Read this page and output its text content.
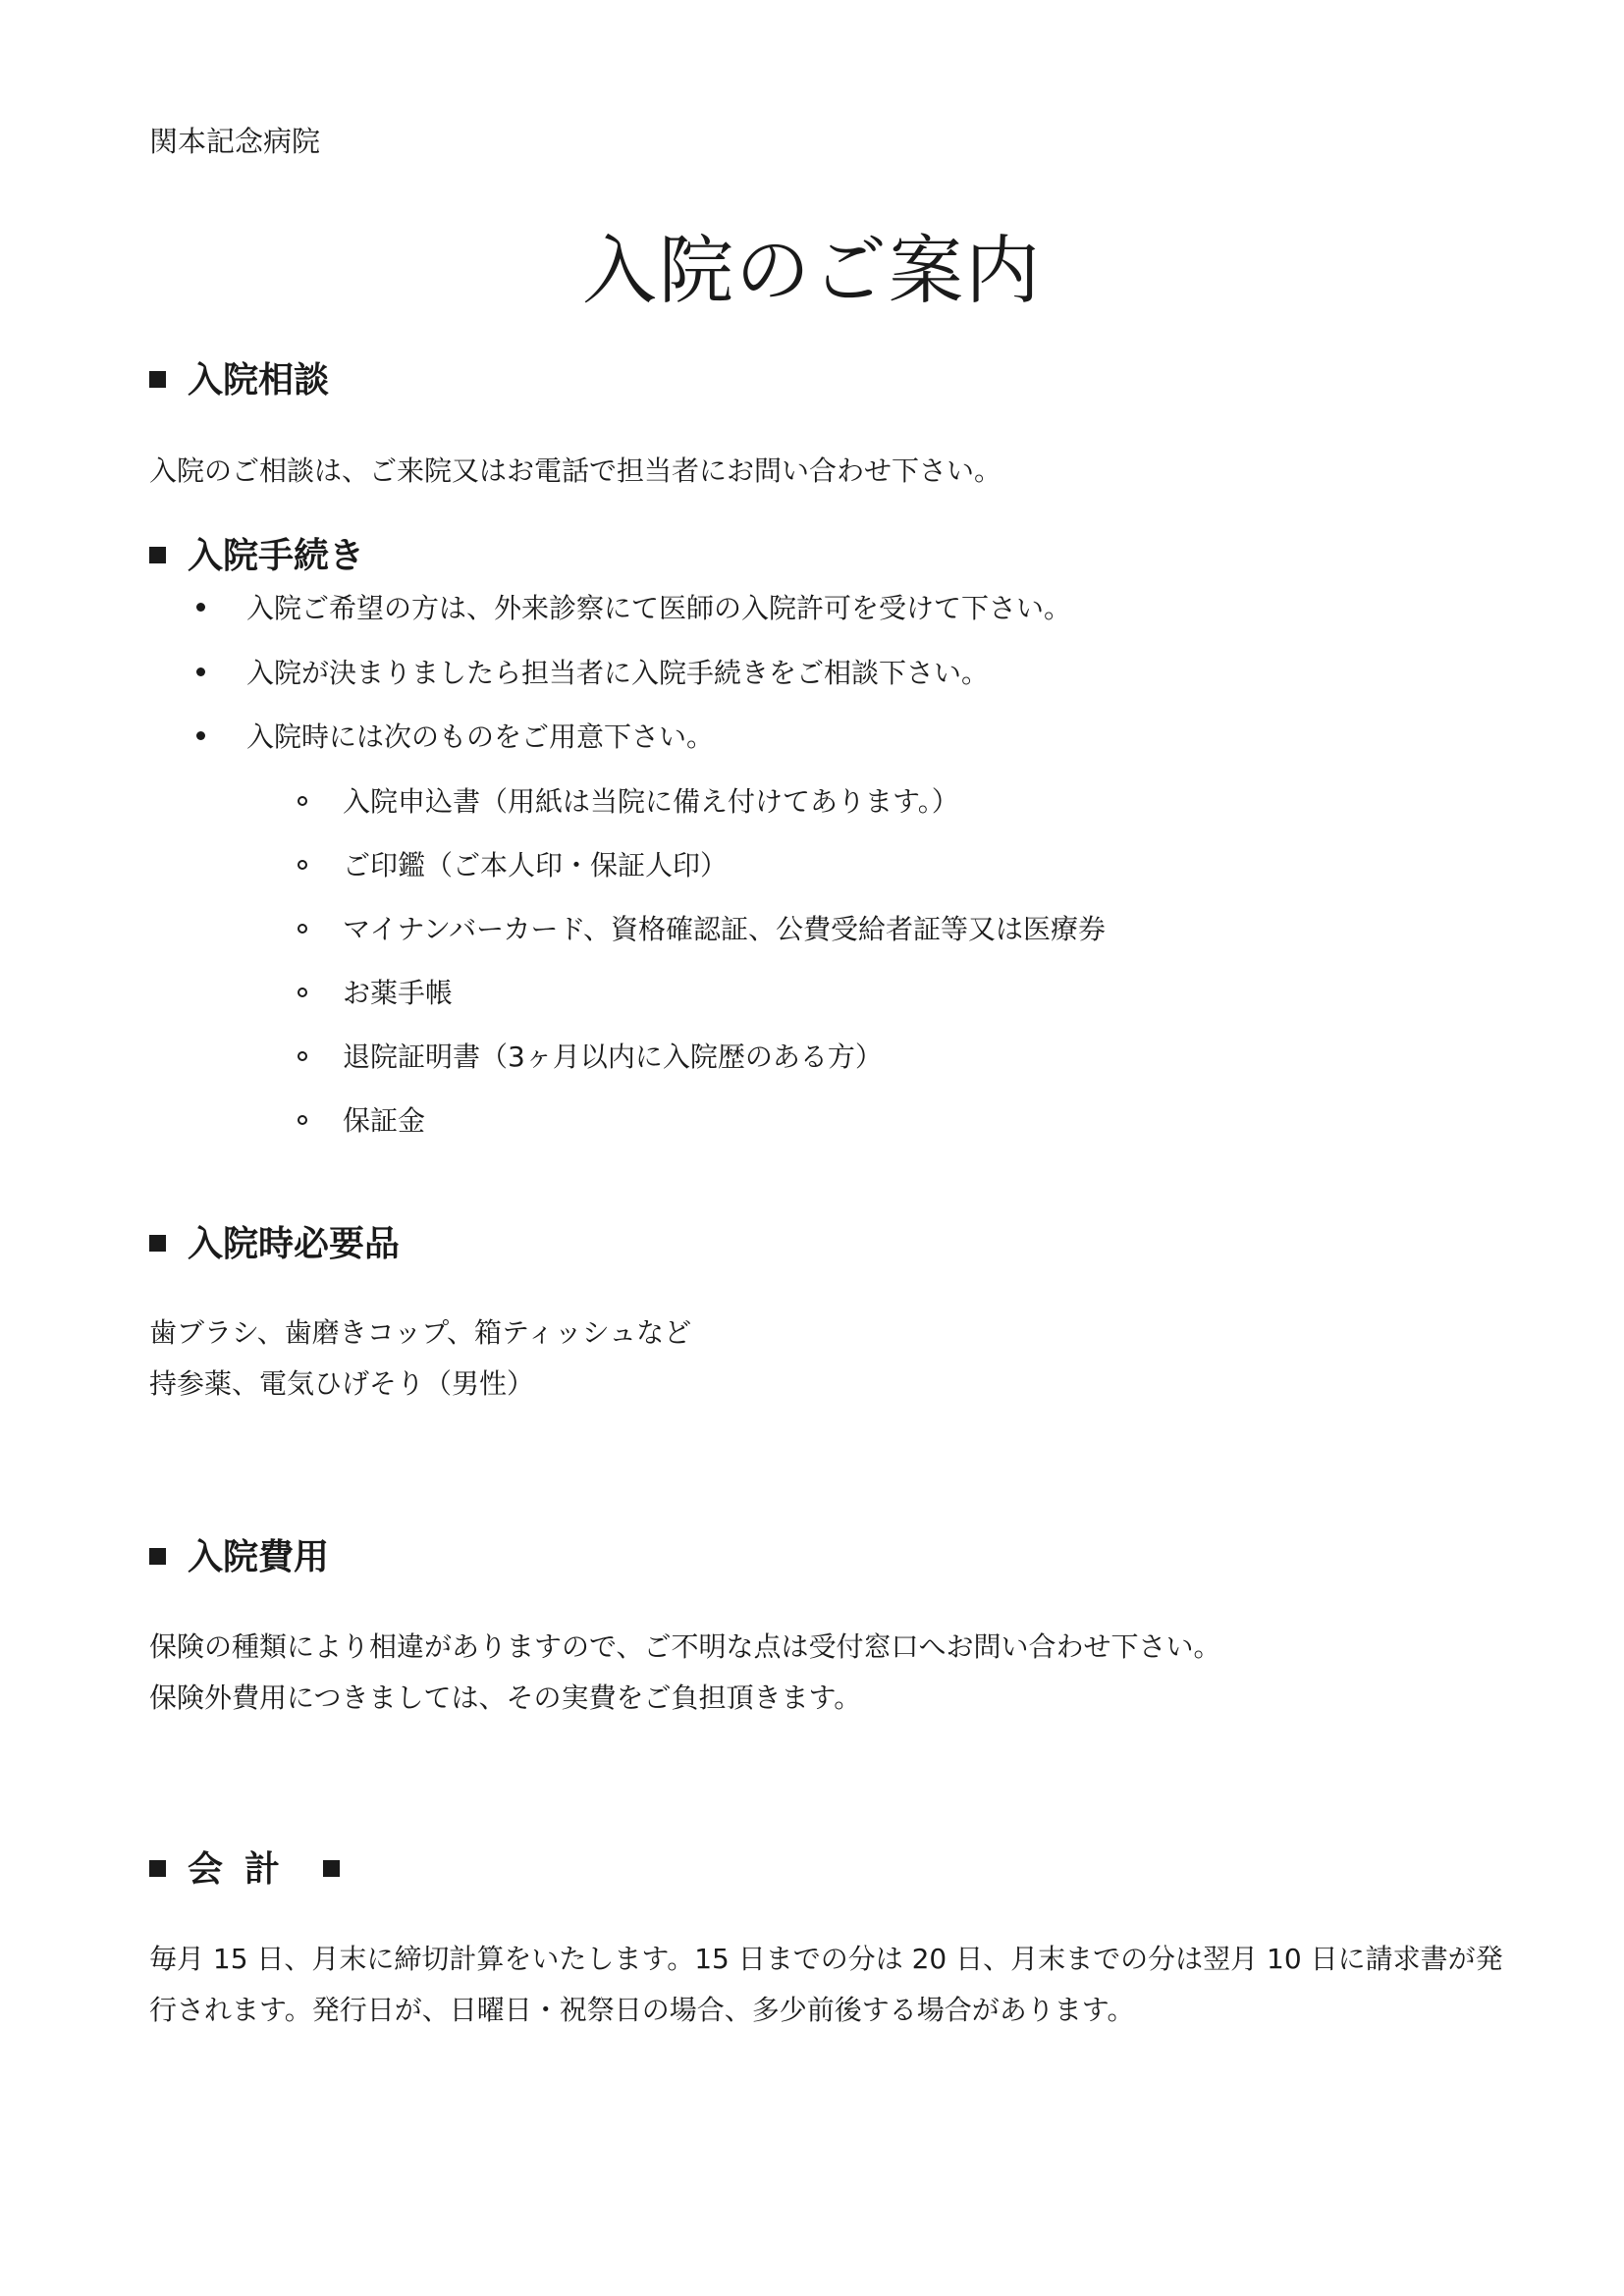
関本記念病院
入院のご案内
入院相談
入院のご相談は、ご来院又はお電話で担当者にお問い合わせ下さい。
入院手続き
入院ご希望の方は、外来診察にて医師の入院許可を受けて下さい。
入院が決まりましたら担当者に入院手続きをご相談下さい。
入院時には次のものをご用意下さい。
入院申込書（用紙は当院に備え付けてあります。）
ご印鑑（ご本人印・保証人印）
マイナンバーカード、資格確認証、公費受給者証等又は医療券
お薬手帳
退院証明書（3ヶ月以内に入院歴のある方）
保証金
入院時必要品
歯ブラシ、歯磨きコップ、箱ティッシュなど
持参薬、電気ひげそり（男性）
入院費用
保険の種類により相違がありますので、ご不明な点は受付窓口へお問い合わせ下さい。
保険外費用につきましては、その実費をご負担頂きます。
会計
毎月 15 日、月末に締切計算をいたします。15 日までの分は 20 日、月末までの分は翌月 10 日に請求書が発
行されます。発行日が、日曜日・祝祭日の場合、多少前後する場合があります。
